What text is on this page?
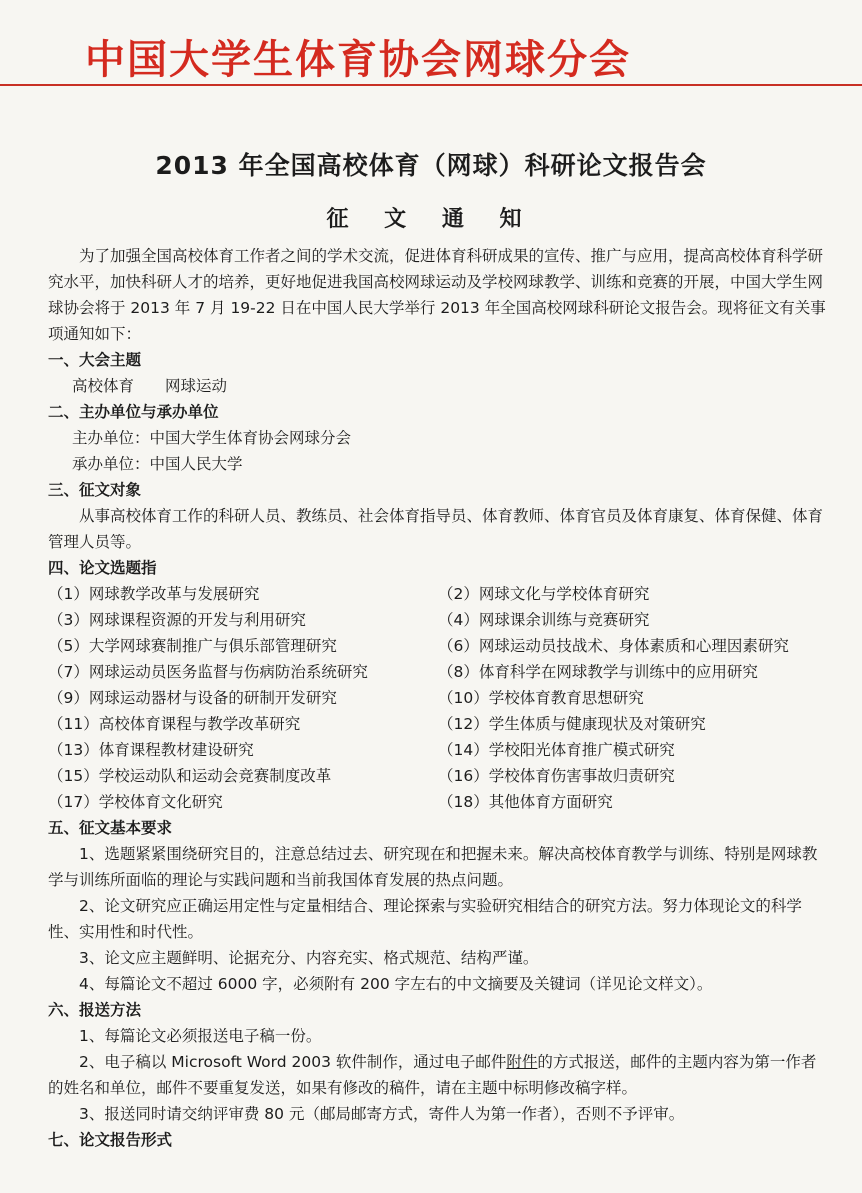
中国大学生体育协会网球分会
2013 年全国高校体育（网球）科研论文报告会
征 文 通 知

为了加强全国高校体育工作者之间的学术交流，促进体育科研成果的宣传、推广与应用，提高高校体育科学研究水平，加快科研人才的培养，更好地促进我国高校网球运动及学校网球教学、训练和竞赛的开展，中国大学生网球协会将于 2013 年 7 月 19-22 日在中国人民大学举行 2013 年全国高校网球科研论文报告会。现将征文有关事项通知如下：

一、大会主题

高校体育　　网球运动

二、主办单位与承办单位

主办单位：中国大学生体育协会网球分会

承办单位：中国人民大学

三、征文对象

从事高校体育工作的科研人员、教练员、社会体育指导员、体育教师、体育官员及体育康复、体育保健、体育管理人员等。

四、论文选题指

（1）网球教学改革与发展研究	（2）网球文化与学校体育研究
（3）网球课程资源的开发与利用研究	（4）网球课余训练与竞赛研究
（5）大学网球赛制推广与俱乐部管理研究	（6）网球运动员技战术、身体素质和心理因素研究
（7）网球运动员医务监督与伤病防治系统研究	（8）体育科学在网球教学与训练中的应用研究
（9）网球运动器材与设备的研制开发研究	（10）学校体育教育思想研究
（11）高校体育课程与教学改革研究	（12）学生体质与健康现状及对策研究
（13）体育课程教材建设研究	（14）学校阳光体育推广模式研究
（15）学校运动队和运动会竞赛制度改革	（16）学校体育伤害事故归责研究
（17）学校体育文化研究	（18）其他体育方面研究

五、征文基本要求

1、选题紧紧围绕研究目的，注意总结过去、研究现在和把握未来。解决高校体育教学与训练、特别是网球教学与训练所面临的理论与实践问题和当前我国体育发展的热点问题。

2、论文研究应正确运用定性与定量相结合、理论探索与实验研究相结合的研究方法。努力体现论文的科学性、实用性和时代性。

3、论文应主题鲜明、论据充分、内容充实、格式规范、结构严谨。

4、每篇论文不超过 6000 字，必须附有 200 字左右的中文摘要及关键词（详见论文样文）。

六、报送方法

1、每篇论文必须报送电子稿一份。

2、电子稿以 Microsoft Word 2003 软件制作，通过电子邮件附件的方式报送，邮件的主题内容为第一作者的姓名和单位，邮件不要重复发送，如果有修改的稿件，请在主题中标明修改稿字样。

3、报送同时请交纳评审费 80 元（邮局邮寄方式，寄件人为第一作者），否则不予评审。

七、论文报告形式
